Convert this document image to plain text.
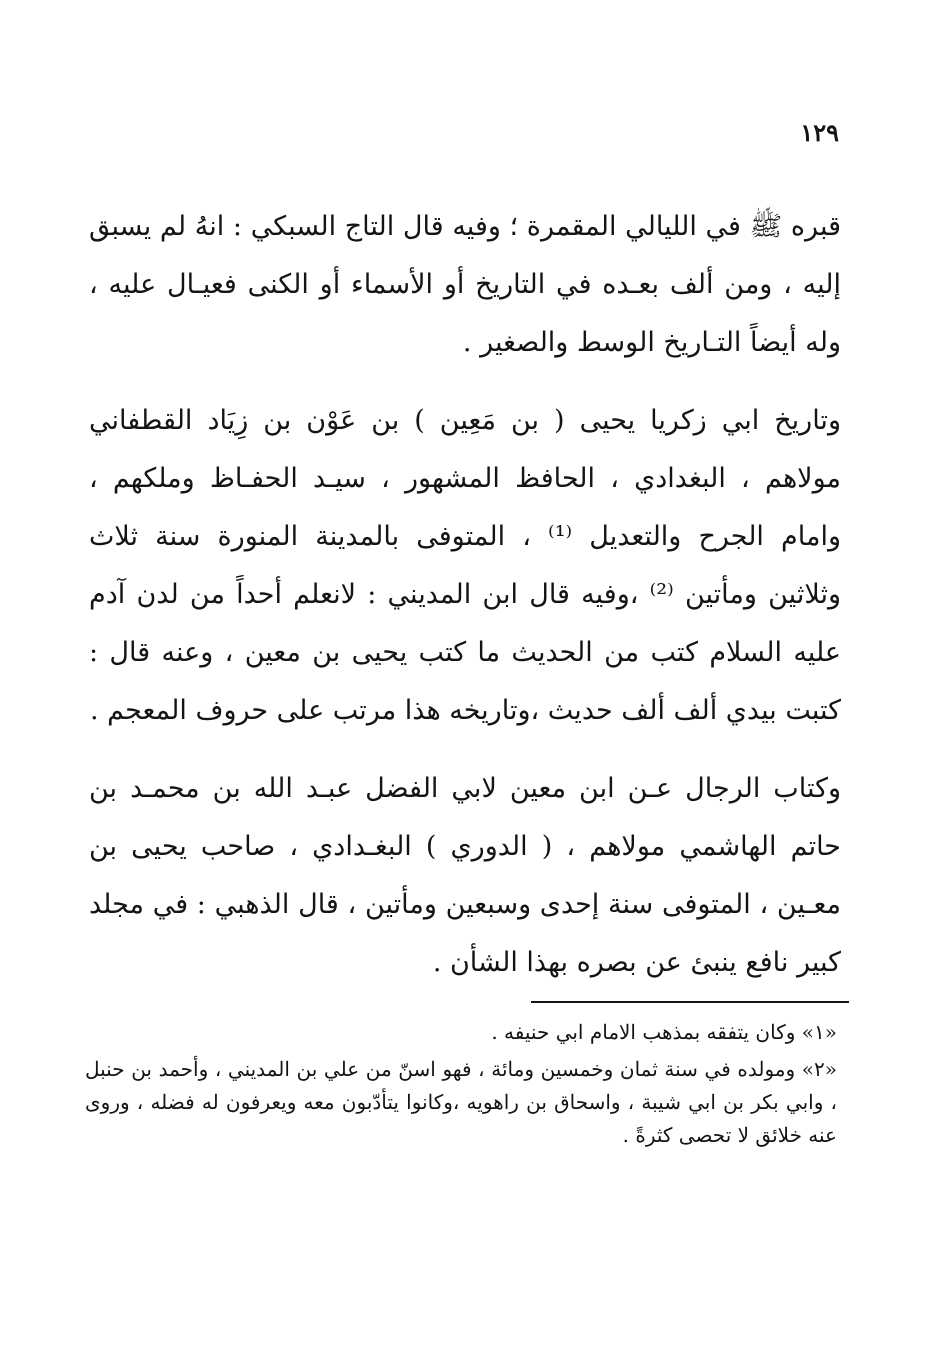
١٢٩

قبره ﷺ في الليالي المقمرة ؛ وفيه قال التاج السبكي : انهُ لم يسبق إليه ، ومن ألف بعـده في التاريخ أو الأسماء أو الكنى فعيـال عليه ، وله أيضاً التـاريخ الوسط والصغير .

وتاريخ ابي زكريا يحيى ( بن مَعِين ) بن عَوْن بن زِيَاد القطفاني مولاهم ، البغدادي ، الحافظ المشهور ، سيـد الحفـاظ وملكهم ، وامام الجرح والتعديل ⁽¹⁾ ، المتوفى بالمدينة المنورة سنة ثلاث وثلاثين ومأتين ⁽²⁾ ،وفيه قال ابن المديني : لانعلم أحداً من لدن آدم عليه السلام كتب من الحديث ما كتب يحيى بن معين ، وعنه قال : كتبت بيدي ألف ألف حديث ،وتاريخه هذا مرتب على حروف المعجم .

وكتاب الرجال عـن ابن معين لابي الفضل عبـد الله بن محمـد بن حاتم الهاشمي مولاهم ، ( الدوري ) البغـدادي ، صاحب يحيى بن معـين ، المتوفى سنة إحدى وسبعين ومأتين ، قال الذهبي : في مجلد كبير نافع ينبئ عن بصره بهذا الشأن .

«١» وكان يتفقه بمذهب الامام ابي حنيفه .

«٢» ومولده في سنة ثمان وخمسين ومائة ، فهو اسنّ من علي بن المديني ، وأحمد بن حنبل ، وابي بكر بن ابي شيبة ، واسحاق بن راهويه ،وكانوا يتأدّبون معه ويعرفون له فضله ، وروى عنه خلائق لا تحصى كثرةً .
